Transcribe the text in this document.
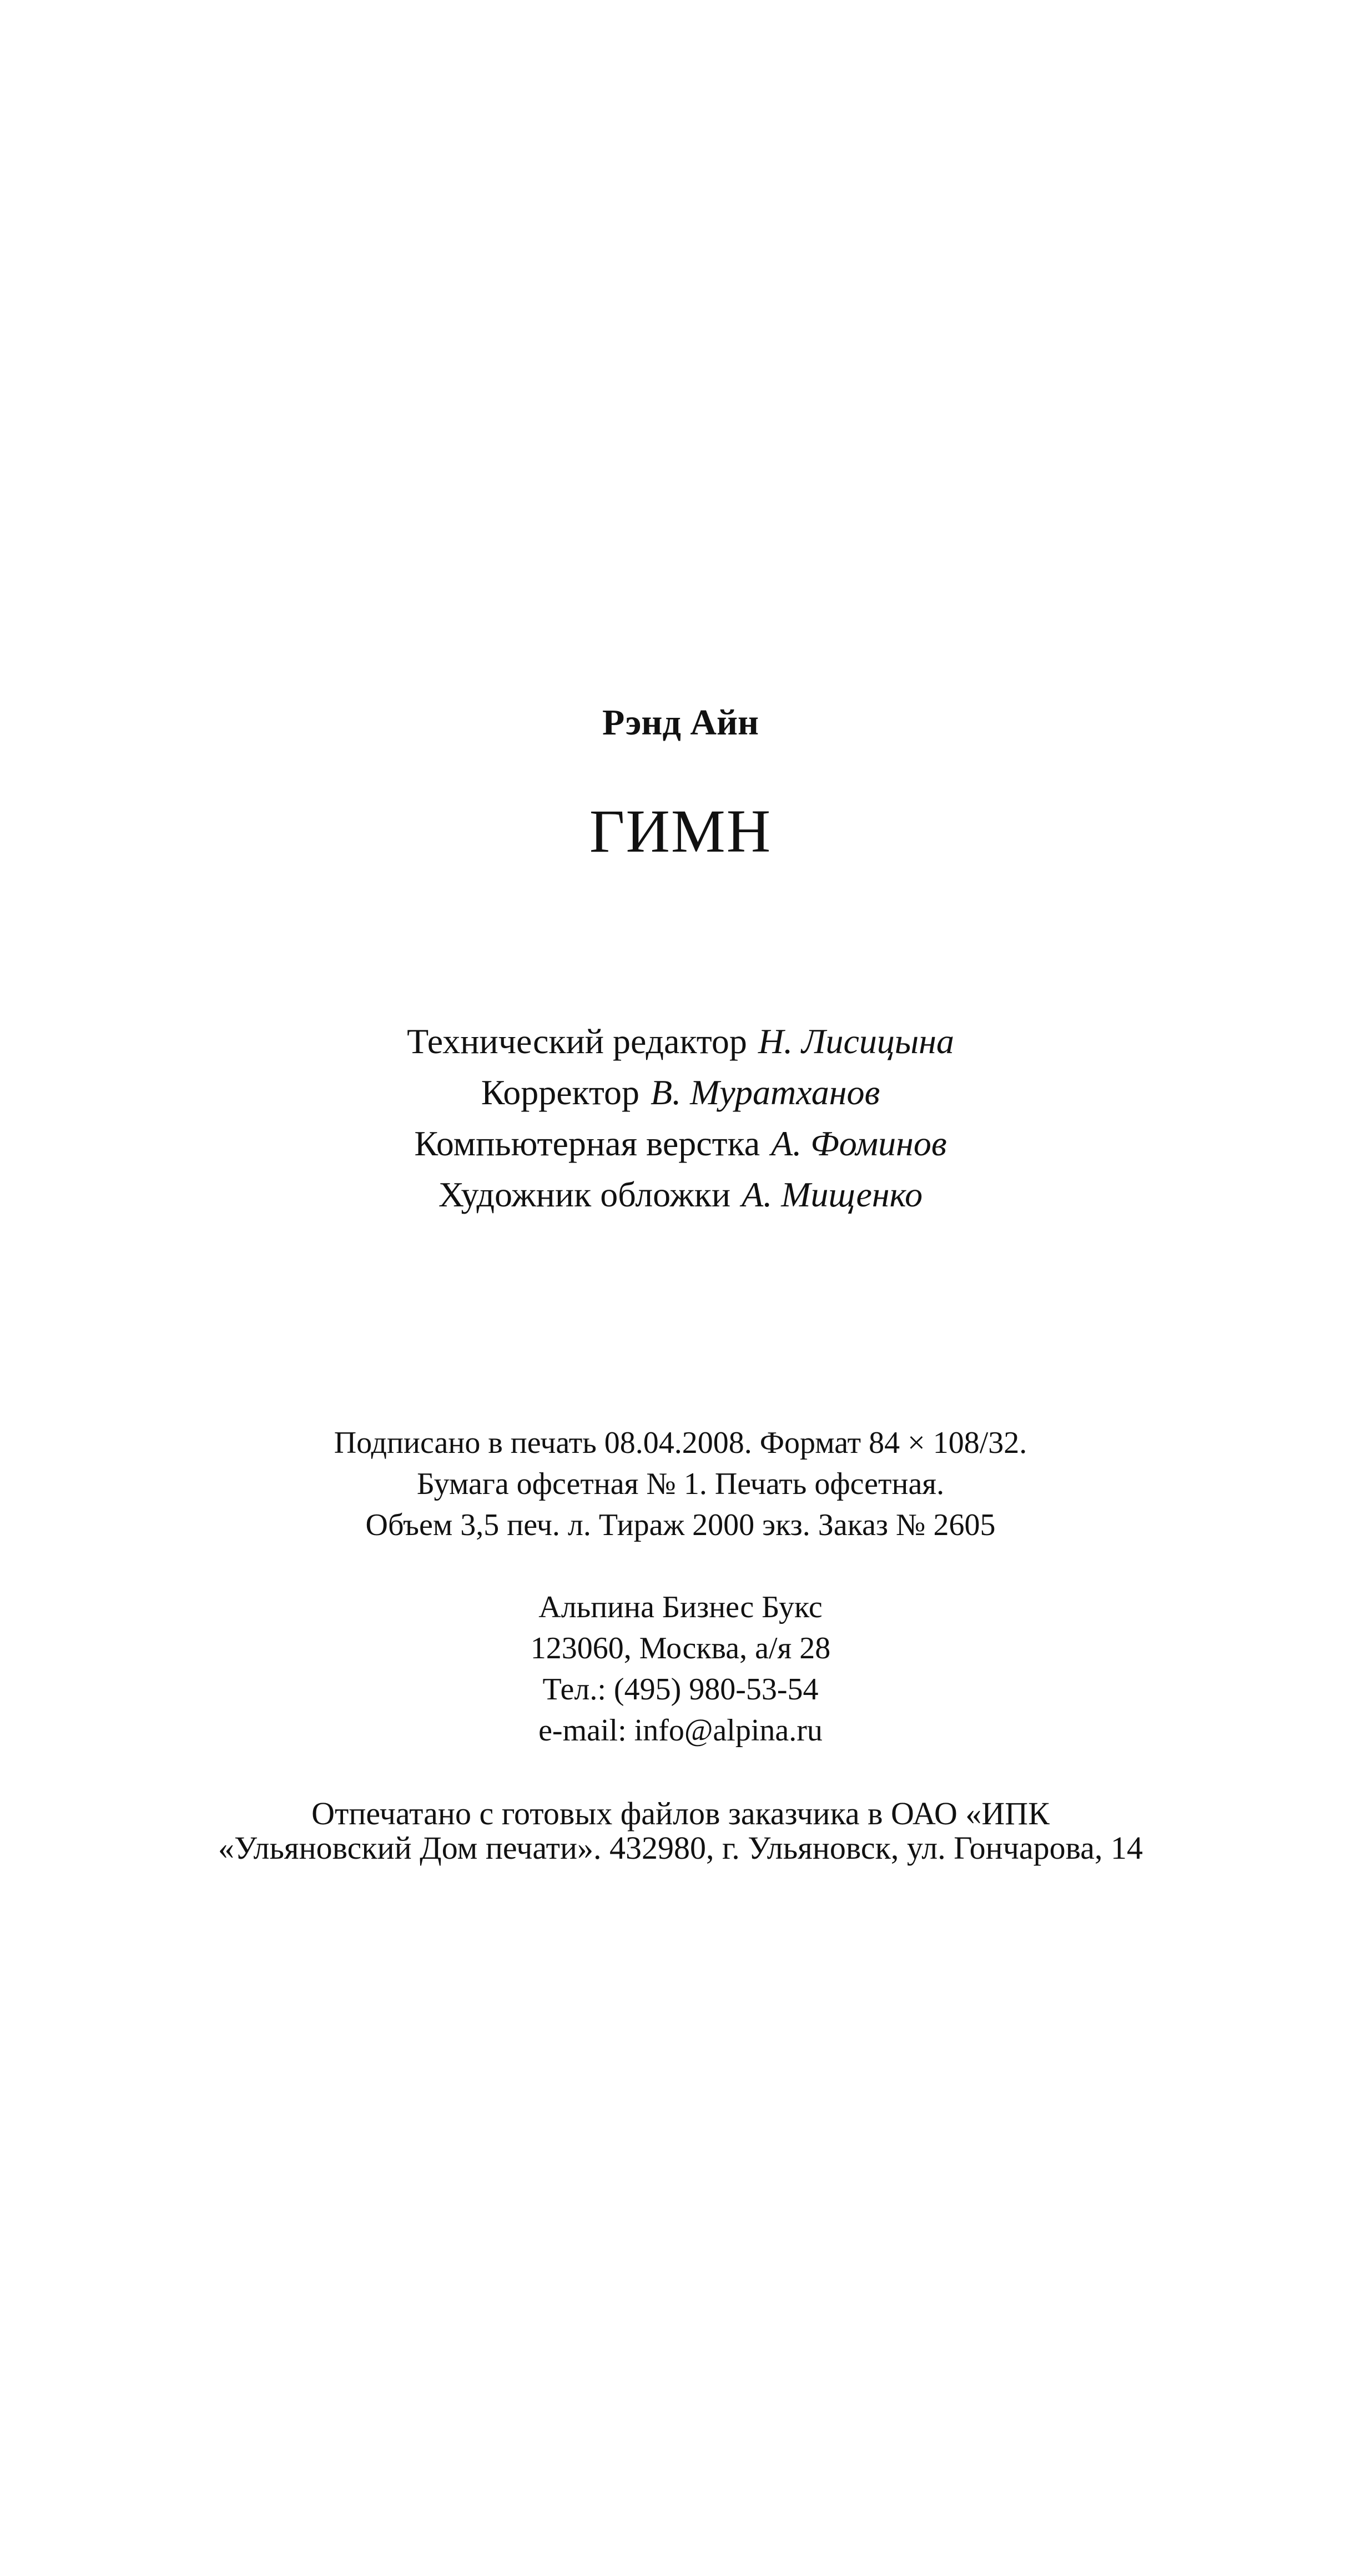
Рэнд Айн
ГИМН
Технический редактор Н. Лисицына
Корректор В. Муратханов
Компьютерная верстка А. Фоминов
Художник обложки А. Мищенко
Подписано в печать 08.04.2008. Формат 84 × 108/32.
Бумага офсетная № 1. Печать офсетная.
Объем 3,5 печ. л. Тираж 2000 экз. Заказ № 2605
Альпина Бизнес Букс
123060, Москва, а/я 28
Тел.: (495) 980-53-54
e-mail: info@alpina.ru
Отпечатано с готовых файлов заказчика в ОАО «ИПК
«Ульяновский Дом печати». 432980, г. Ульяновск, ул. Гончарова, 14
